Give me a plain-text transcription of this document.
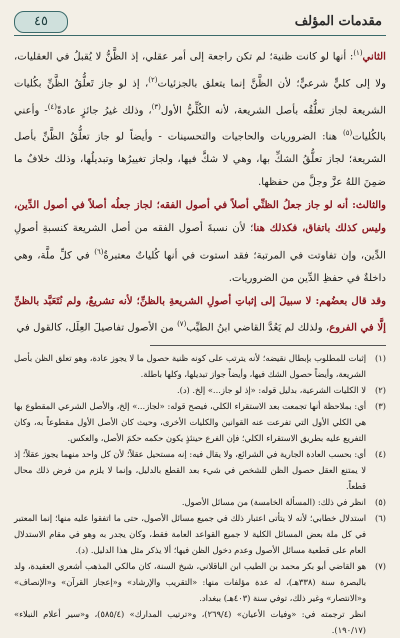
٤٥	مقدمات المؤلف

الثاني$^{(١)}$: أنها لو كانت ظنية؛ لم تكن راجعة إلى أمر عقلي، إذ الظَّنُّ لا يُقبلُ في العقليات، ولا إلى كليٍّ شرعيٍّ؛ لأن الظَّنَّ إنما يتعلق بالجزئيات$^{(٢)}$، إذ لو جاز تَعلُّقُ الظَّنِّ بكُليات الشريعة لجاز تعلُّقُه بأصل الشريعة، لأنه الكُلِّيُّ الأول$^{(٣)}$، وذلك غيرُ جائزٍ عادةً$^{(٤)}$- وأعني بالكُليات$^{(٥)}$ هنا: الضروريات والحاجيات والتحسينات - وأيضاً لو جاز تعلُّقُ الظَّنِّ بأصل الشريعة؛ لجاز تعلُّقُ الشكِّ بها، وهي لا شكَّ فيها، ولجاز تغييرُها وتبديلُها، وذلك خلافٌ ما ضمِنَ اللهُ عزَّ وجلَّ من حفظها.

والثالث: أنه لو جاز جعلُ الظنِّي أصلاً في أصول الفقه؛ لجاز جعلُه أصلاً في أصول الدِّين، وليس كذلك باتفاق، فكذلك هنا؛ لأن نسبةَ أصول الفقه من أصل الشريعة كنسبةِ أصولِ الدِّين، وإن تفاوتت في المرتبة؛ فقد استوت في أنها كُلياتٌ معتبرةٌ$^{(٦)}$ في كلِّ ملَّة، وهي داخلةٌ في حفظِ الدِّين من الضروريات.

وقد قال بعضُهم: لا سبيلَ إلى إثباتِ أصولِ الشريعةِ بالظنِّ؛ لأنه تشريعٌ، ولم نُتَعَبَّد بالظنِّ إلَّا في الفروع، ولذلك لم يَعُدَّ القاضي ابنُ الطيِّب$^{(٧)}$ من الأصول تفاصيلَ العِلَل، كالقول في

(١)
إثبات للمطلوب بإبطال نقيضه؛ لأنه يترتب على كونه ظنية حصول ما لا يجوز عادة، وهو تعلق الظن بأصل الشريعة، وأيضاً حصول الشك فيها، وأيضاً جواز تبديلها، وكلها باطلة.
(٢)
لا الكليات الشرعية، بدليل قوله: «إذ لو جاز...» إلخ. (د).
(٣)
أي: بملاحظة أنها تجمعت بعد الاستقراء الكلي، فيصح قوله: «لجاز...» إلخ، والأصل الشرعي المقطوع بها هي الكلي الأول التي تفرعت عنه القوانين والكليات الأخرى، وحيث كان الأصل الأول مقطوعاً به، وكان التفريع عليه بطريق الاستقراء الكلي؛ فإن الفرع حينئذٍ يكون حكمه حكمَ الأصل، والعكس.
(٤)
أي: بحسب العادة الجارية في الشرائع، ولا يقال فيه: إنه مستحيل عقلاً؛ لأن كل واحد منهما يجوز عقلاً؛ إذ لا يمتنع العقل حصول الظن للشخص في شيء بعد القطع بالدليل، وإنما لا يلزم من فرض ذلك محال قطعاً.
(٥)
انظر في ذلك: (المسألة الخامسة) من مسائل الأصول.
(٦)
استدلال خطابي؛ لأنه لا يتأتى اعتبار ذلك في جميع مسائل الأصول، حتى ما اتفقوا عليه منها؛ إنما المعتبر في كل ملة بعض المسائل الكلية لا جميع القواعد العامة فقط، وكان يجدر به وهو في مقام الاستدلال العام على قطعية مسائل الأصول وعدم دخول الظن فيها؛ ألا يذكر مثل هذا الدليل. (د).
(٧)
هو القاضي أبو بكر محمد بن الطيب ابن الباقلاني، شيخ السنة، كان مالكي المذهب أشعري العقيدة، ولد بالبصرة سنة (٣٣٨هـ)، له عدة مؤلفات منها: «التقريب والإرشاد» و«إعجاز القرآن» و«الإنصاف» و«الانتصار» وغير ذلك، توفي سنة (٤٠٣هـ) ببغداد.

انظر ترجمته في: «وفيات الأعيان» (٢٦٩/٤)، و«ترتيب المدارك» (٥٨٥/٤)، و«سير أعلام النبلاء» (١٩٠/١٧).
